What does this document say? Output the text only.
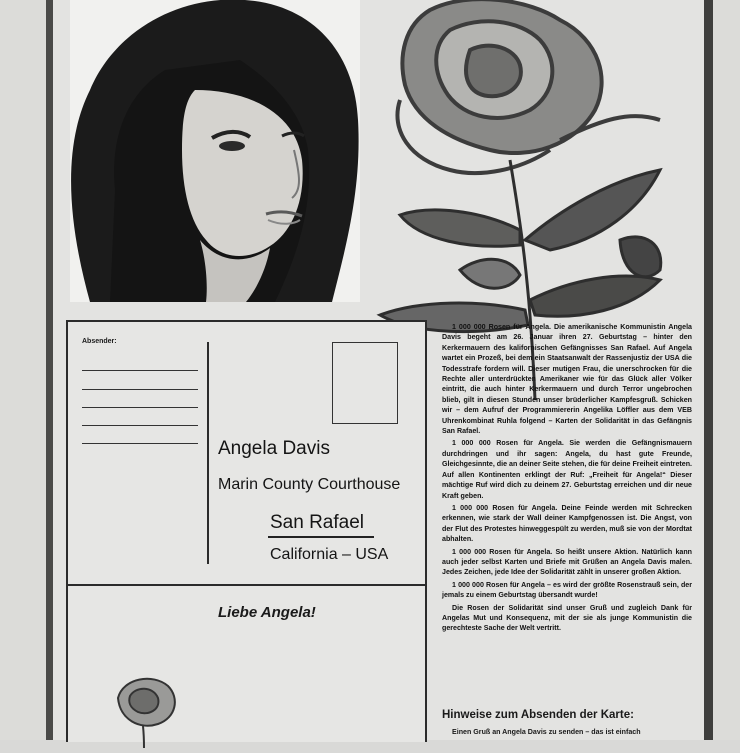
Absender:
Angela Davis
Marin County Courthouse
San Rafael
California – USA
Liebe Angela!

1 000 000 Rosen für Angela. Die amerikanische Kommunistin Angela Davis begeht am 26. Januar ihren 27. Geburtstag – hinter den Kerkermauern des kalifornischen Gefängnisses San Rafael. Auf Angela wartet ein Prozeß, bei dem ein Staatsanwalt der Rassenjustiz der USA die Todesstrafe fordern will. Dieser mutigen Frau, die unerschrocken für die Rechte aller unterdrückten Amerikaner wie für das Glück aller Völker eintritt, die auch hinter Kerkermauern und durch Terror ungebrochen blieb, gilt in diesen Stunden unser brüderlicher Kampfesgruß. Schicken wir – dem Aufruf der Programmiererin Angelika Löffler aus dem VEB Uhrenkombinat Ruhla folgend – Karten der Solidarität in das Gefängnis San Rafael.

1 000 000 Rosen für Angela. Sie werden die Gefängnismauern durchdringen und ihr sagen: Angela, du hast gute Freunde, Gleichgesinnte, die an deiner Seite stehen, die für deine Freiheit eintreten. Auf allen Kontinenten erklingt der Ruf: „Freiheit für Angela!“ Dieser mächtige Ruf wird dich zu deinem 27. Geburtstag erreichen und dir neue Kraft geben.

1 000 000 Rosen für Angela. Deine Feinde werden mit Schrecken erkennen, wie stark der Wall deiner Kampfgenossen ist. Die Angst, von der Flut des Protestes hinweggespült zu werden, muß sie von der Mordtat abhalten.

1 000 000 Rosen für Angela. So heißt unsere Aktion. Natürlich kann auch jeder selbst Karten und Briefe mit Grüßen an Angela Davis malen. Jedes Zeichen, jede Idee der Solidarität zählt in unserer großen Aktion.

1 000 000 Rosen für Angela – es wird der größte Rosenstrauß sein, der jemals zu einem Geburtstag übersandt wurde!

Die Rosen der Solidarität sind unser Gruß und zugleich Dank für Angelas Mut und Konsequenz, mit der sie als junge Kommunistin die gerechteste Sache der Welt vertritt.

Hinweise zum Absenden der Karte:
Einen Gruß an Angela Davis zu senden – das ist einfach
